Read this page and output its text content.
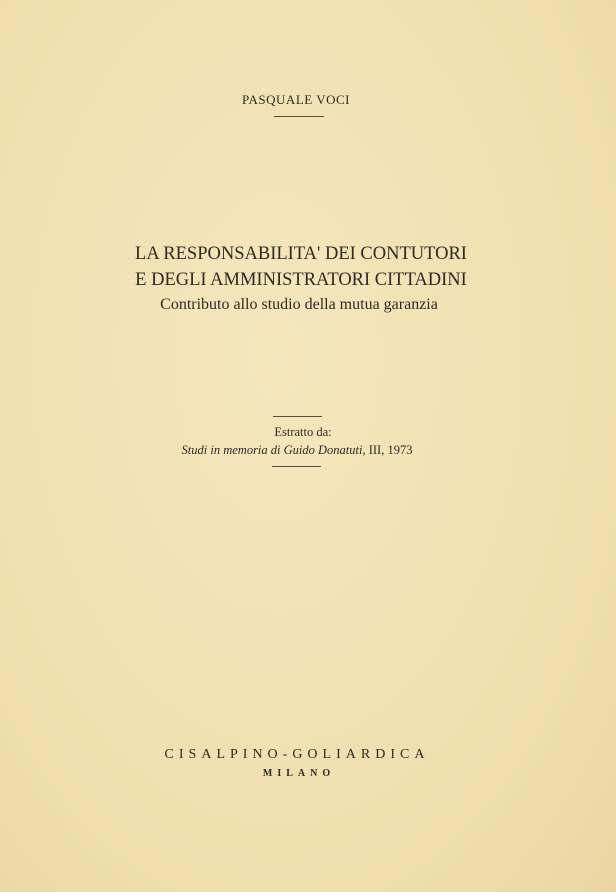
PASQUALE VOCI
LA RESPONSABILITA' DEI CONTUTORI
E DEGLI AMMINISTRATORI CITTADINI
Contributo allo studio della mutua garanzia
Estratto da:
Studi in memoria di Guido Donatuti, III, 1973
CISALPINO-GOLIARDICA
MILANO
